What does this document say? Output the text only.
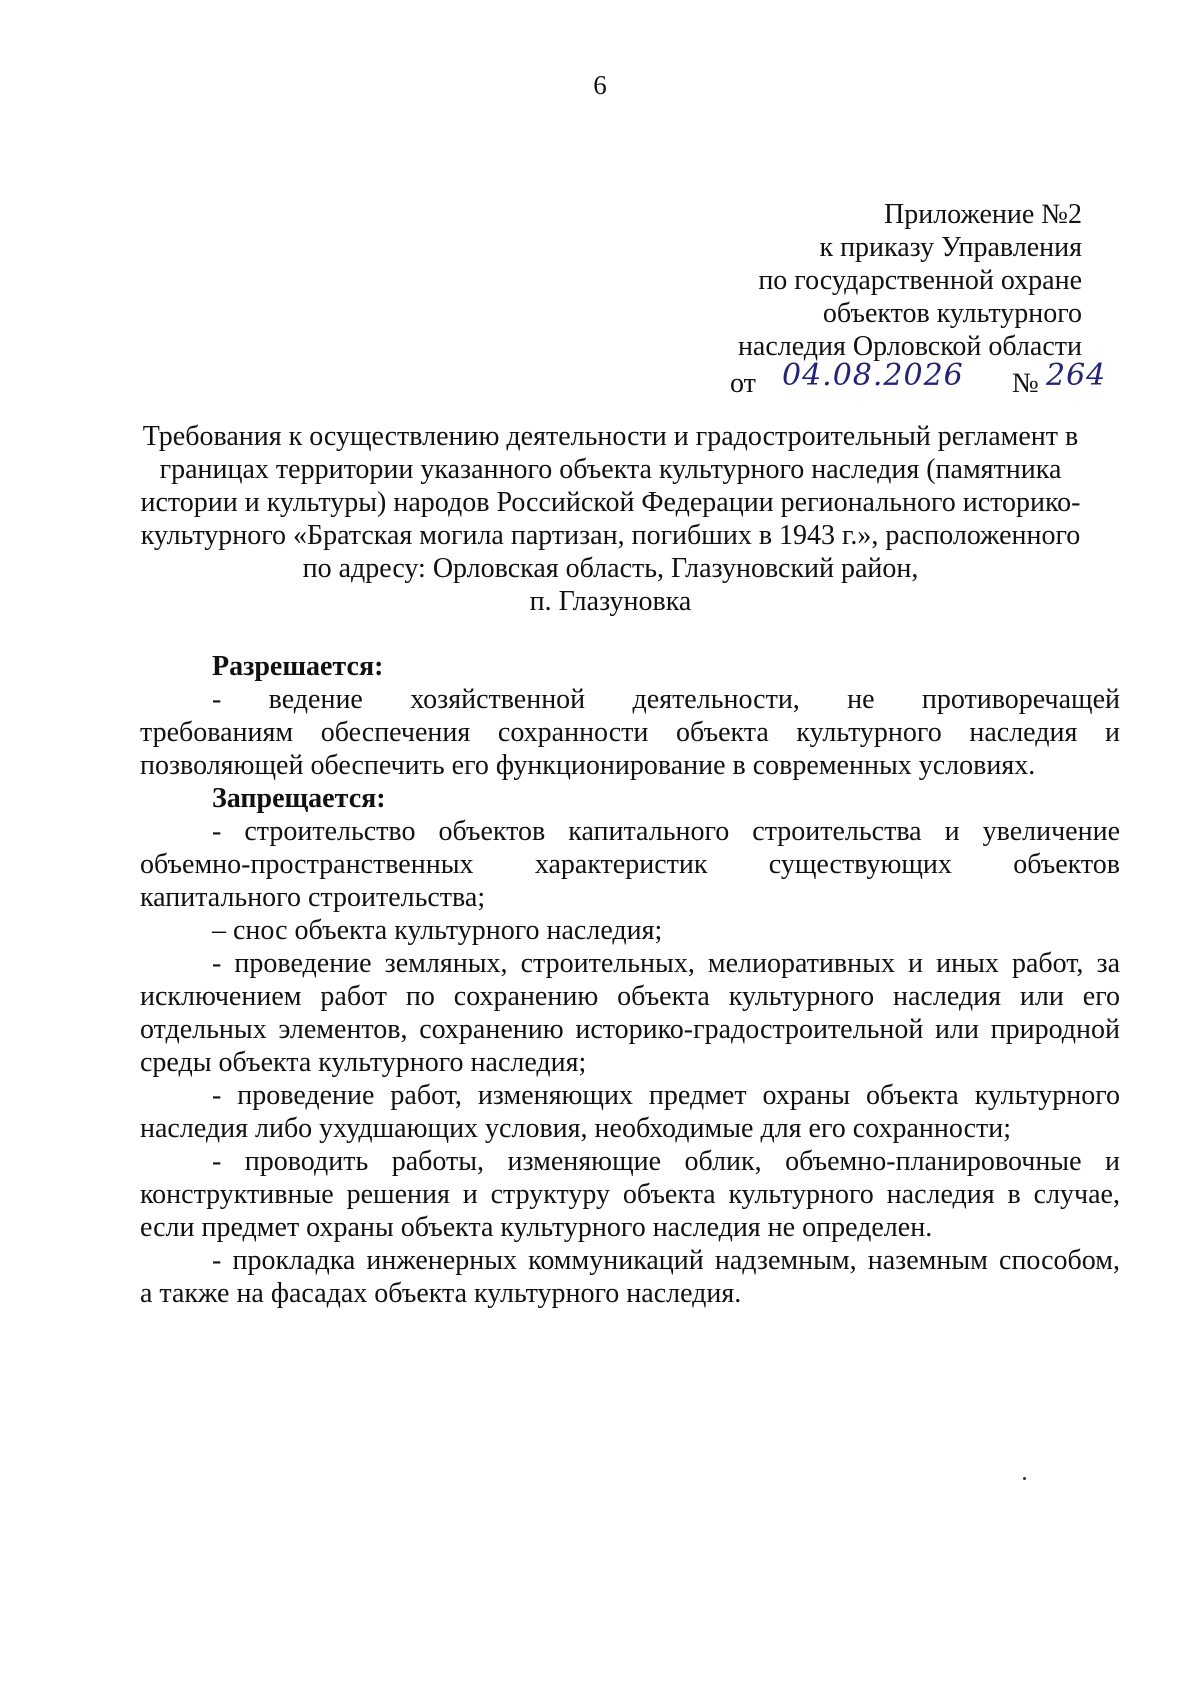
6
Приложение №2
к приказу Управления
по государственной охране
объектов культурного
наследия Орловской области
от 04.08.2026 № 264
Требования к осуществлению деятельности и градостроительный регламент в
границах территории указанного объекта культурного наследия (памятника
истории и культуры) народов Российской Федерации регионального историко-
культурного «Братская могила партизан, погибших в 1943 г.», расположенного
по адресу: Орловская область, Глазуновский район,
п. Глазуновка
Разрешается:
- ведение хозяйственной деятельности, не противоречащей
требованиям обеспечения сохранности объекта культурного наследия и
позволяющей обеспечить его функционирование в современных условиях.
Запрещается:
- строительство объектов капитального строительства и увеличение
объемно-пространственных характеристик существующих объектов
капитального строительства;
– снос объекта культурного наследия;
- проведение земляных, строительных, мелиоративных и иных работ, за
исключением работ по сохранению объекта культурного наследия или его
отдельных элементов, сохранению историко-градостроительной или природной
среды объекта культурного наследия;
- проведение работ, изменяющих предмет охраны объекта культурного
наследия либо ухудшающих условия, необходимые для его сохранности;
- проводить работы, изменяющие облик, объемно-планировочные и
конструктивные решения и структуру объекта культурного наследия в случае,
если предмет охраны объекта культурного наследия не определен.
- прокладка инженерных коммуникаций надземным, наземным способом,
а также на фасадах объекта культурного наследия.
